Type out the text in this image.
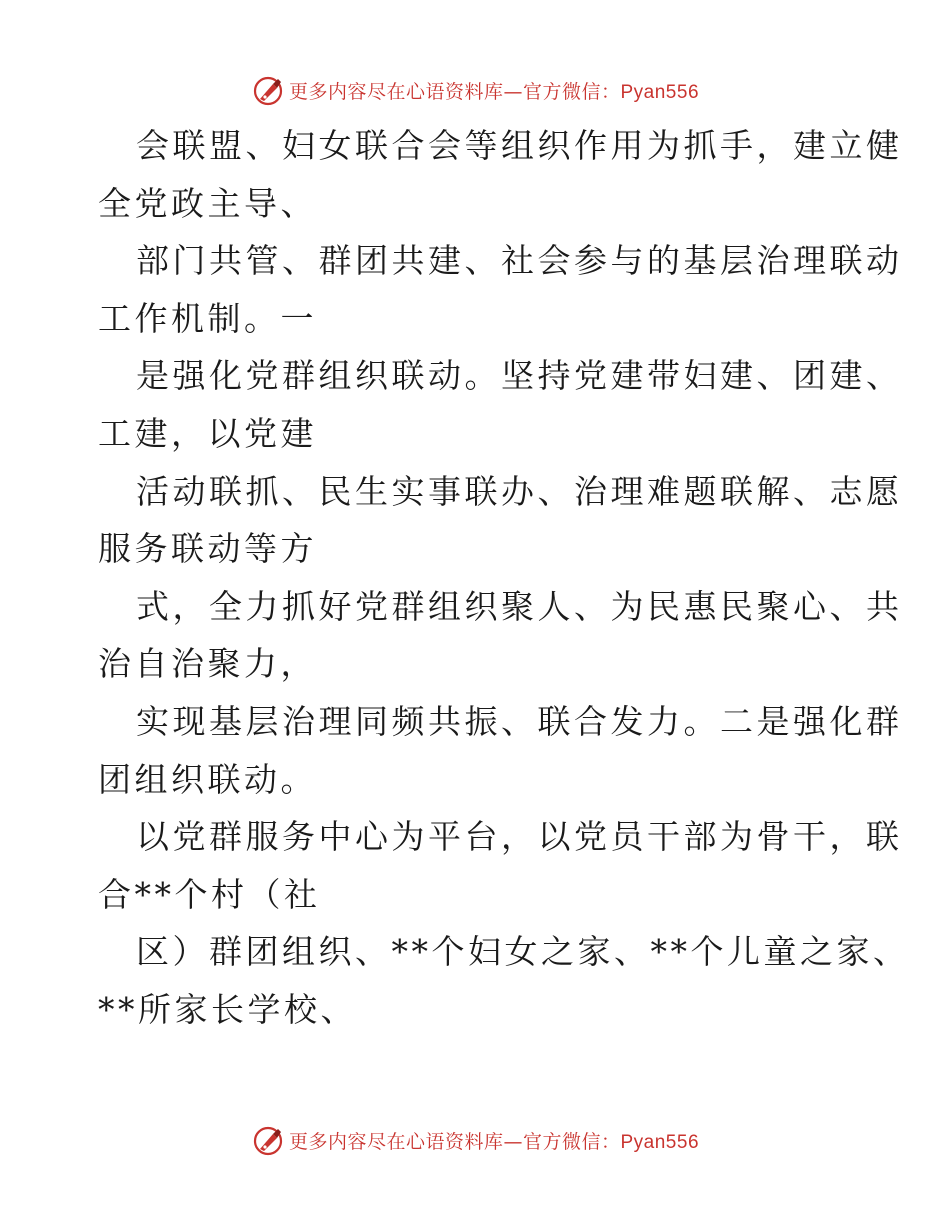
更多内容尽在心语资料库—官方微信：Pyan556
会联盟、妇女联合会等组织作用为抓手，建立健
全党政主导、
部门共管、群团共建、社会参与的基层治理联动
工作机制。一
是强化党群组织联动。坚持党建带妇建、团建、
工建，以党建
活动联抓、民生实事联办、治理难题联解、志愿
服务联动等方
式，全力抓好党群组织聚人、为民惠民聚心、共
治自治聚力，
实现基层治理同频共振、联合发力。二是强化群
团组织联动。
以党群服务中心为平台，以党员干部为骨干，联
合**个村（社
区）群团组织、**个妇女之家、**个儿童之家、
**所家长学校、
更多内容尽在心语资料库—官方微信：Pyan556
